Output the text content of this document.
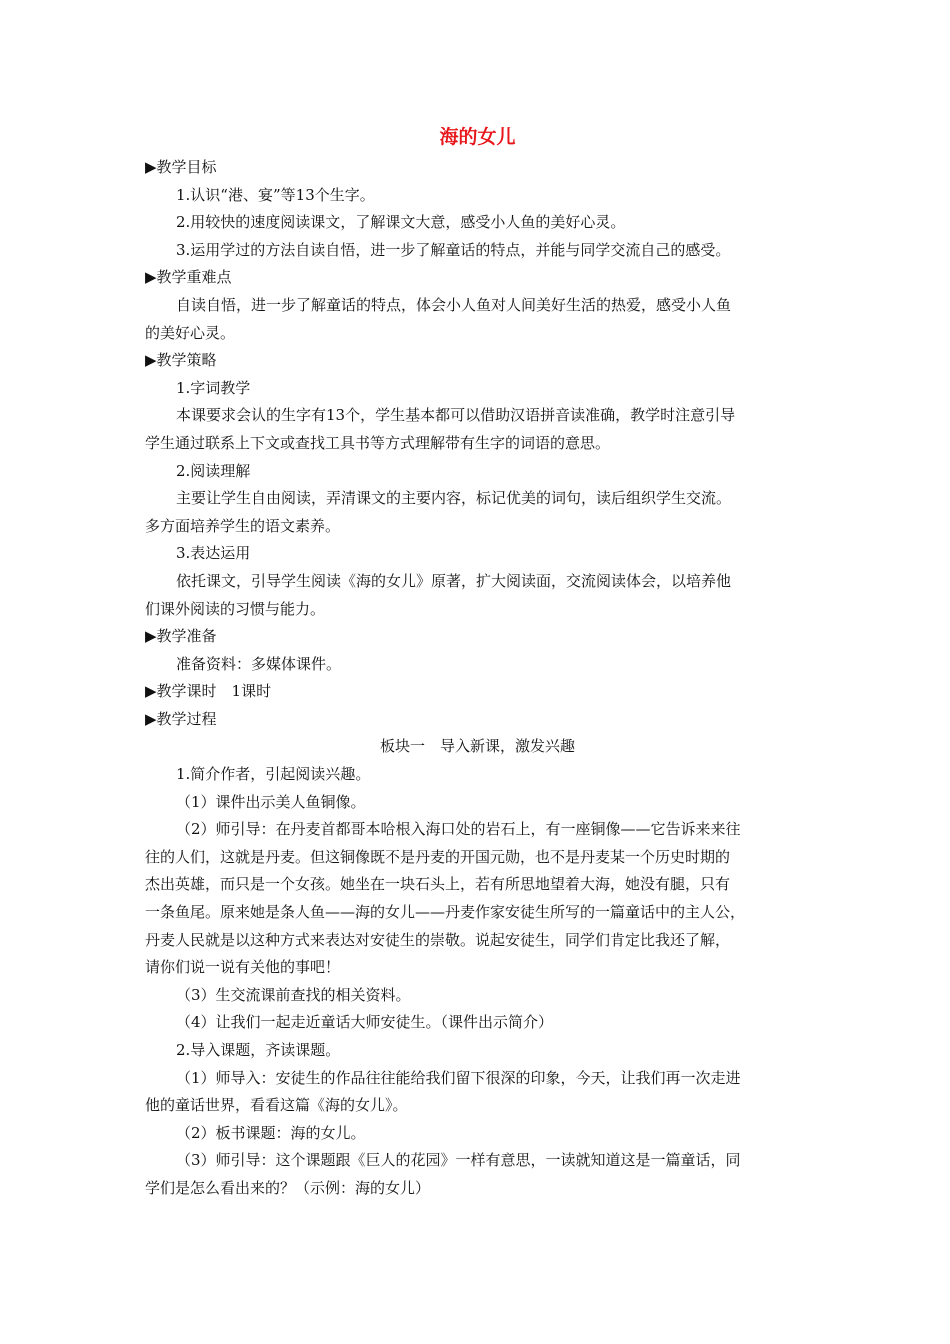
海的女儿
▶教学目标
1.认识“港、宴”等13个生字。
2.用较快的速度阅读课文，了解课文大意，感受小人鱼的美好心灵。
3.运用学过的方法自读自悟，进一步了解童话的特点，并能与同学交流自己的感受。
▶教学重难点
自读自悟，进一步了解童话的特点，体会小人鱼对人间美好生活的热爱，感受小人鱼
的美好心灵。
▶教学策略
1.字词教学
本课要求会认的生字有13个，学生基本都可以借助汉语拼音读准确，教学时注意引导
学生通过联系上下文或查找工具书等方式理解带有生字的词语的意思。
2.阅读理解
主要让学生自由阅读，弄清课文的主要内容，标记优美的词句，读后组织学生交流。
多方面培养学生的语文素养。
3.表达运用
依托课文，引导学生阅读《海的女儿》原著，扩大阅读面，交流阅读体会，以培养他
们课外阅读的习惯与能力。
▶教学准备
准备资料：多媒体课件。
▶教学课时　1课时
▶教学过程
板块一　导入新课，激发兴趣
1.简介作者，引起阅读兴趣。
（1）课件出示美人鱼铜像。
（2）师引导：在丹麦首都哥本哈根入海口处的岩石上，有一座铜像——它告诉来来往
往的人们，这就是丹麦。但这铜像既不是丹麦的开国元勋，也不是丹麦某一个历史时期的
杰出英雄，而只是一个女孩。她坐在一块石头上，若有所思地望着大海，她没有腿，只有
一条鱼尾。原来她是条人鱼——海的女儿——丹麦作家安徒生所写的一篇童话中的主人公，
丹麦人民就是以这种方式来表达对安徒生的崇敬。说起安徒生，同学们肯定比我还了解，
请你们说一说有关他的事吧！
（3）生交流课前查找的相关资料。
（4）让我们一起走近童话大师安徒生。（课件出示简介）
2.导入课题，齐读课题。
（1）师导入：安徒生的作品往往能给我们留下很深的印象，今天，让我们再一次走进
他的童话世界，看看这篇《海的女儿》。
（2）板书课题：海的女儿。
（3）师引导：这个课题跟《巨人的花园》一样有意思，一读就知道这是一篇童话，同
学们是怎么看出来的？（示例：海的女儿）
